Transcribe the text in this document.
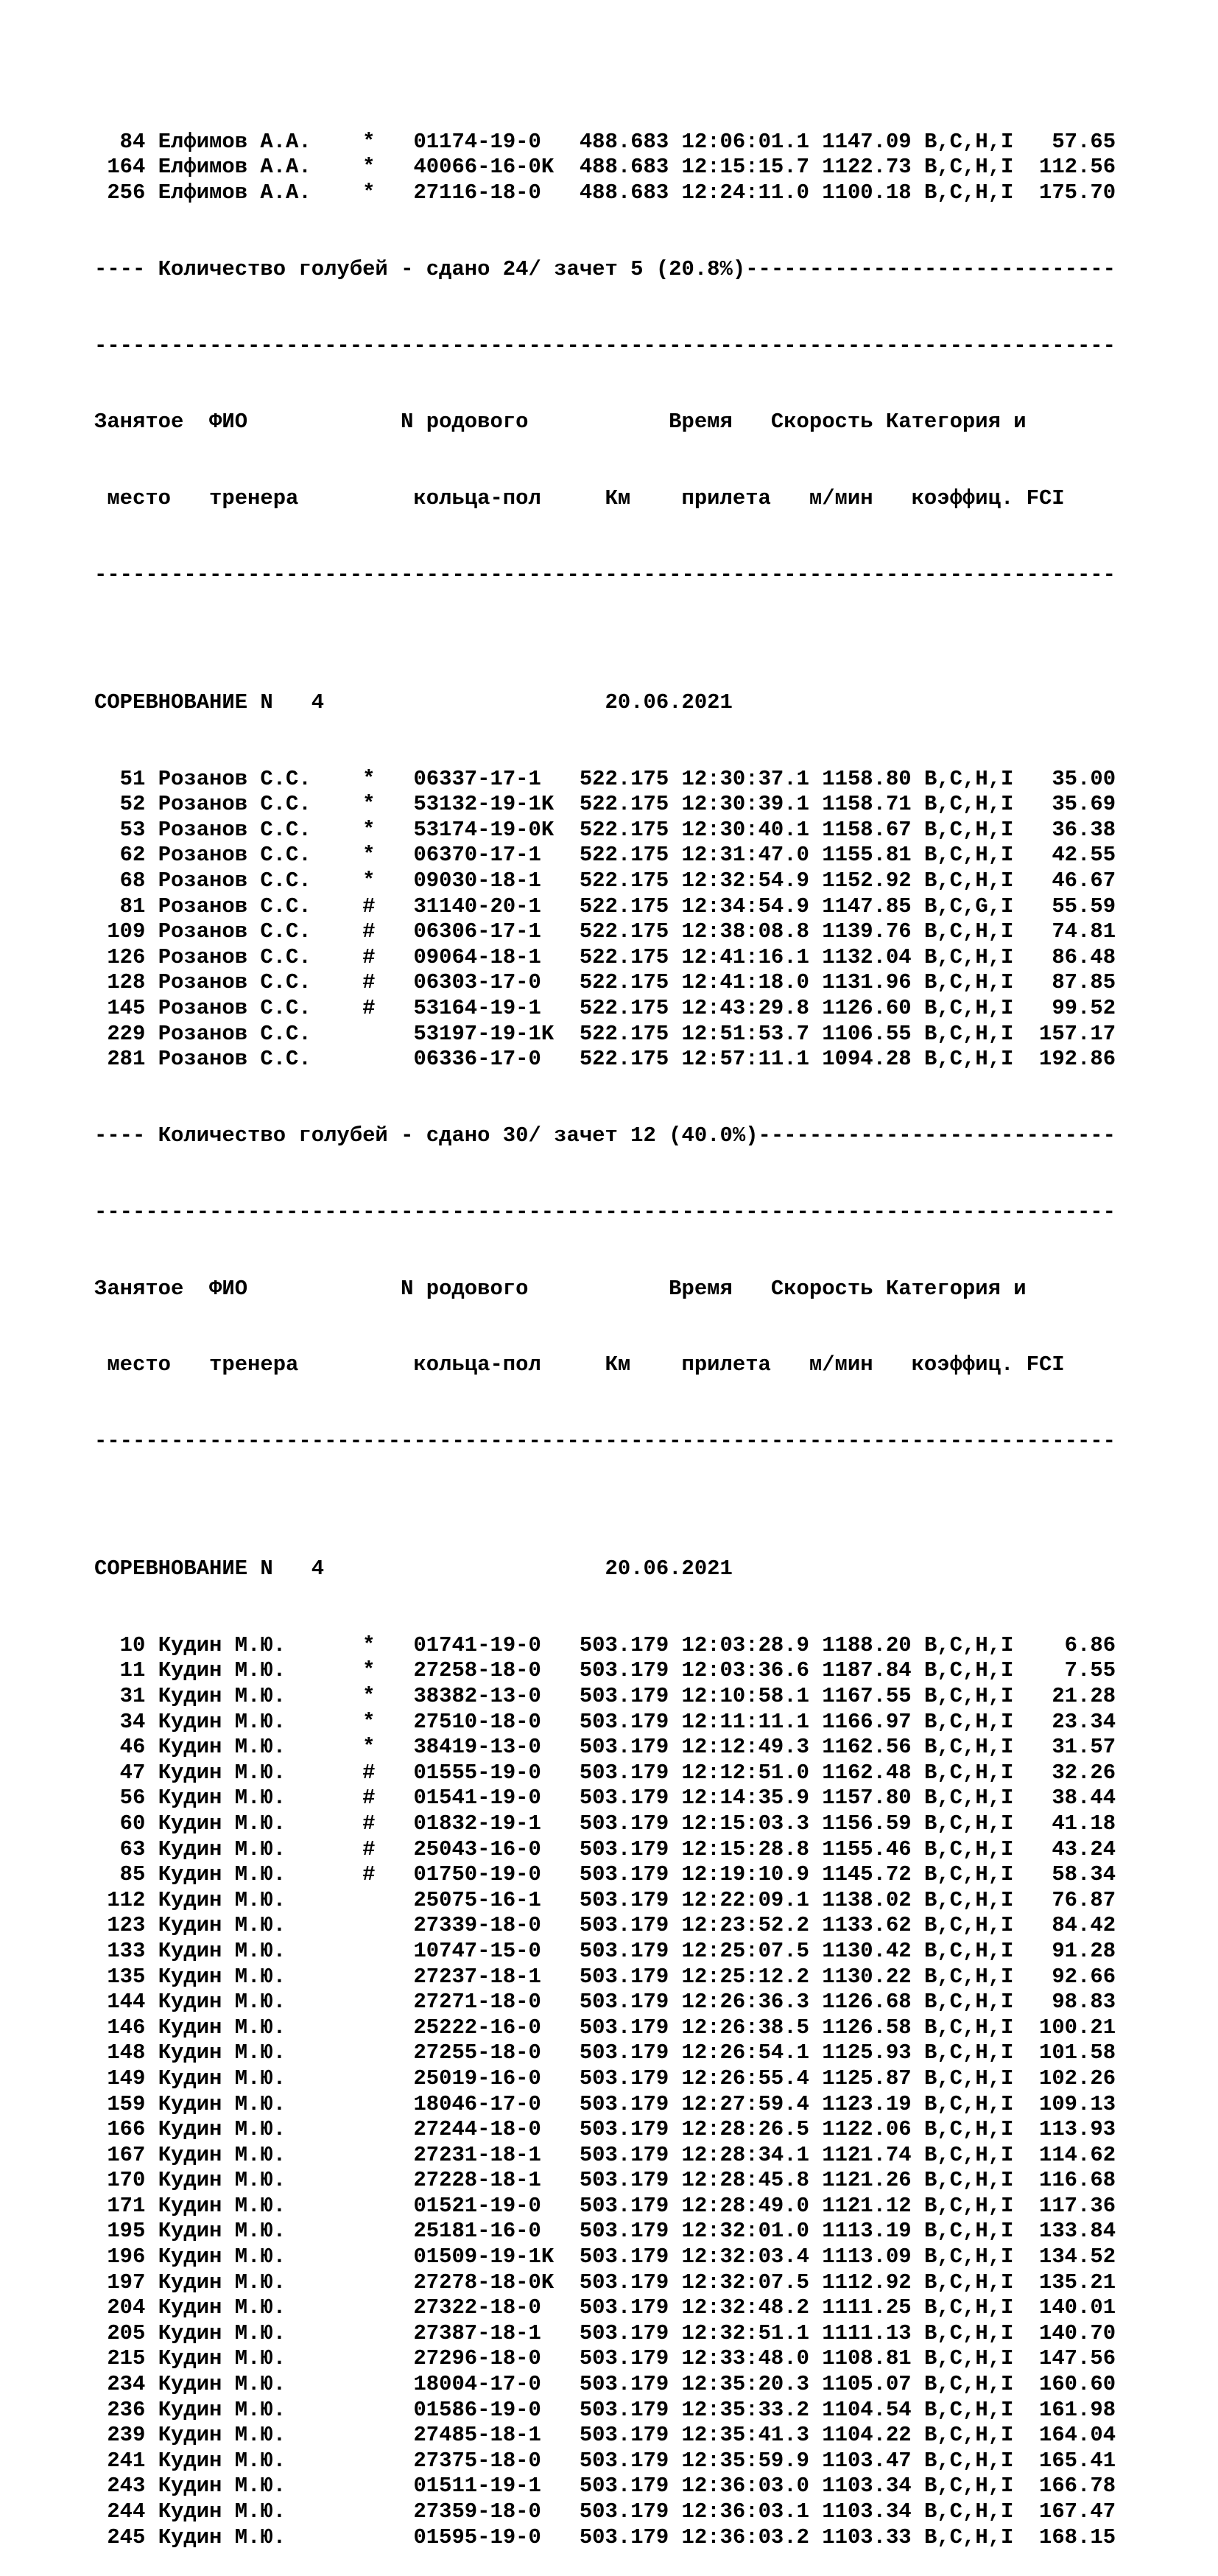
84 Елфимов А.А.    *   01174-19-0   488.683 12:06:01.1 1147.09 B,C,H,I   57.65
164 Елфимов А.А.    *   40066-16-0K  488.683 12:15:15.7 1122.73 B,C,H,I  112.56
256 Елфимов А.А.    *   27116-18-0   488.683 12:24:11.0 1100.18 B,C,H,I  175.70

---- Количество голубей - сдано 24/ зачет 5 (20.8%)-----------------------------

--------------------------------------------------------------------------------

Занятое  ФИО            N родового           Время   Скорость Категория и

место   тренера         кольца-пол     Км    прилета   м/мин   коэффиц. FCI

--------------------------------------------------------------------------------

СОРЕВНОВАНИЕ N   4                      20.06.2021

51 Розанов С.С.    *   06337-17-1   522.175 12:30:37.1 1158.80 B,C,H,I   35.00
52 Розанов С.С.    *   53132-19-1K  522.175 12:30:39.1 1158.71 B,C,H,I   35.69
53 Розанов С.С.    *   53174-19-0K  522.175 12:30:40.1 1158.67 B,C,H,I   36.38
62 Розанов С.С.    *   06370-17-1   522.175 12:31:47.0 1155.81 B,C,H,I   42.55
68 Розанов С.С.    *   09030-18-1   522.175 12:32:54.9 1152.92 B,C,H,I   46.67
81 Розанов С.С.    #   31140-20-1   522.175 12:34:54.9 1147.85 B,C,G,I   55.59
109 Розанов С.С.    #   06306-17-1   522.175 12:38:08.8 1139.76 B,C,H,I   74.81
126 Розанов С.С.    #   09064-18-1   522.175 12:41:16.1 1132.04 B,C,H,I   86.48
128 Розанов С.С.    #   06303-17-0   522.175 12:41:18.0 1131.96 B,C,H,I   87.85
145 Розанов С.С.    #   53164-19-1   522.175 12:43:29.8 1126.60 B,C,H,I   99.52
229 Розанов С.С.        53197-19-1K  522.175 12:51:53.7 1106.55 B,C,H,I  157.17
281 Розанов С.С.        06336-17-0   522.175 12:57:11.1 1094.28 B,C,H,I  192.86

---- Количество голубей - сдано 30/ зачет 12 (40.0%)----------------------------

--------------------------------------------------------------------------------

Занятое  ФИО            N родового           Время   Скорость Категория и

место   тренера         кольца-пол     Км    прилета   м/мин   коэффиц. FCI

--------------------------------------------------------------------------------

СОРЕВНОВАНИЕ N   4                      20.06.2021

10 Кудин М.Ю.      *   01741-19-0   503.179 12:03:28.9 1188.20 B,C,H,I    6.86
11 Кудин М.Ю.      *   27258-18-0   503.179 12:03:36.6 1187.84 B,C,H,I    7.55
31 Кудин М.Ю.      *   38382-13-0   503.179 12:10:58.1 1167.55 B,C,H,I   21.28
34 Кудин М.Ю.      *   27510-18-0   503.179 12:11:11.1 1166.97 B,C,H,I   23.34
46 Кудин М.Ю.      *   38419-13-0   503.179 12:12:49.3 1162.56 B,C,H,I   31.57
47 Кудин М.Ю.      #   01555-19-0   503.179 12:12:51.0 1162.48 B,C,H,I   32.26
56 Кудин М.Ю.      #   01541-19-0   503.179 12:14:35.9 1157.80 B,C,H,I   38.44
60 Кудин М.Ю.      #   01832-19-1   503.179 12:15:03.3 1156.59 B,C,H,I   41.18
63 Кудин М.Ю.      #   25043-16-0   503.179 12:15:28.8 1155.46 B,C,H,I   43.24
85 Кудин М.Ю.      #   01750-19-0   503.179 12:19:10.9 1145.72 B,C,H,I   58.34
112 Кудин М.Ю.          25075-16-1   503.179 12:22:09.1 1138.02 B,C,H,I   76.87
123 Кудин М.Ю.          27339-18-0   503.179 12:23:52.2 1133.62 B,C,H,I   84.42
133 Кудин М.Ю.          10747-15-0   503.179 12:25:07.5 1130.42 B,C,H,I   91.28
135 Кудин М.Ю.          27237-18-1   503.179 12:25:12.2 1130.22 B,C,H,I   92.66
144 Кудин М.Ю.          27271-18-0   503.179 12:26:36.3 1126.68 B,C,H,I   98.83
146 Кудин М.Ю.          25222-16-0   503.179 12:26:38.5 1126.58 B,C,H,I  100.21
148 Кудин М.Ю.          27255-18-0   503.179 12:26:54.1 1125.93 B,C,H,I  101.58
149 Кудин М.Ю.          25019-16-0   503.179 12:26:55.4 1125.87 B,C,H,I  102.26
159 Кудин М.Ю.          18046-17-0   503.179 12:27:59.4 1123.19 B,C,H,I  109.13
166 Кудин М.Ю.          27244-18-0   503.179 12:28:26.5 1122.06 B,C,H,I  113.93
167 Кудин М.Ю.          27231-18-1   503.179 12:28:34.1 1121.74 B,C,H,I  114.62
170 Кудин М.Ю.          27228-18-1   503.179 12:28:45.8 1121.26 B,C,H,I  116.68
171 Кудин М.Ю.          01521-19-0   503.179 12:28:49.0 1121.12 B,C,H,I  117.36
195 Кудин М.Ю.          25181-16-0   503.179 12:32:01.0 1113.19 B,C,H,I  133.84
196 Кудин М.Ю.          01509-19-1K  503.179 12:32:03.4 1113.09 B,C,H,I  134.52
197 Кудин М.Ю.          27278-18-0K  503.179 12:32:07.5 1112.92 B,C,H,I  135.21
204 Кудин М.Ю.          27322-18-0   503.179 12:32:48.2 1111.25 B,C,H,I  140.01
205 Кудин М.Ю.          27387-18-1   503.179 12:32:51.1 1111.13 B,C,H,I  140.70
215 Кудин М.Ю.          27296-18-0   503.179 12:33:48.0 1108.81 B,C,H,I  147.56
234 Кудин М.Ю.          18004-17-0   503.179 12:35:20.3 1105.07 B,C,H,I  160.60
236 Кудин М.Ю.          01586-19-0   503.179 12:35:33.2 1104.54 B,C,H,I  161.98
239 Кудин М.Ю.          27485-18-1   503.179 12:35:41.3 1104.22 B,C,H,I  164.04
241 Кудин М.Ю.          27375-18-0   503.179 12:35:59.9 1103.47 B,C,H,I  165.41
243 Кудин М.Ю.          01511-19-1   503.179 12:36:03.0 1103.34 B,C,H,I  166.78
244 Кудин М.Ю.          27359-18-0   503.179 12:36:03.1 1103.34 B,C,H,I  167.47
245 Кудин М.Ю.          01595-19-0   503.179 12:36:03.2 1103.33 B,C,H,I  168.15
